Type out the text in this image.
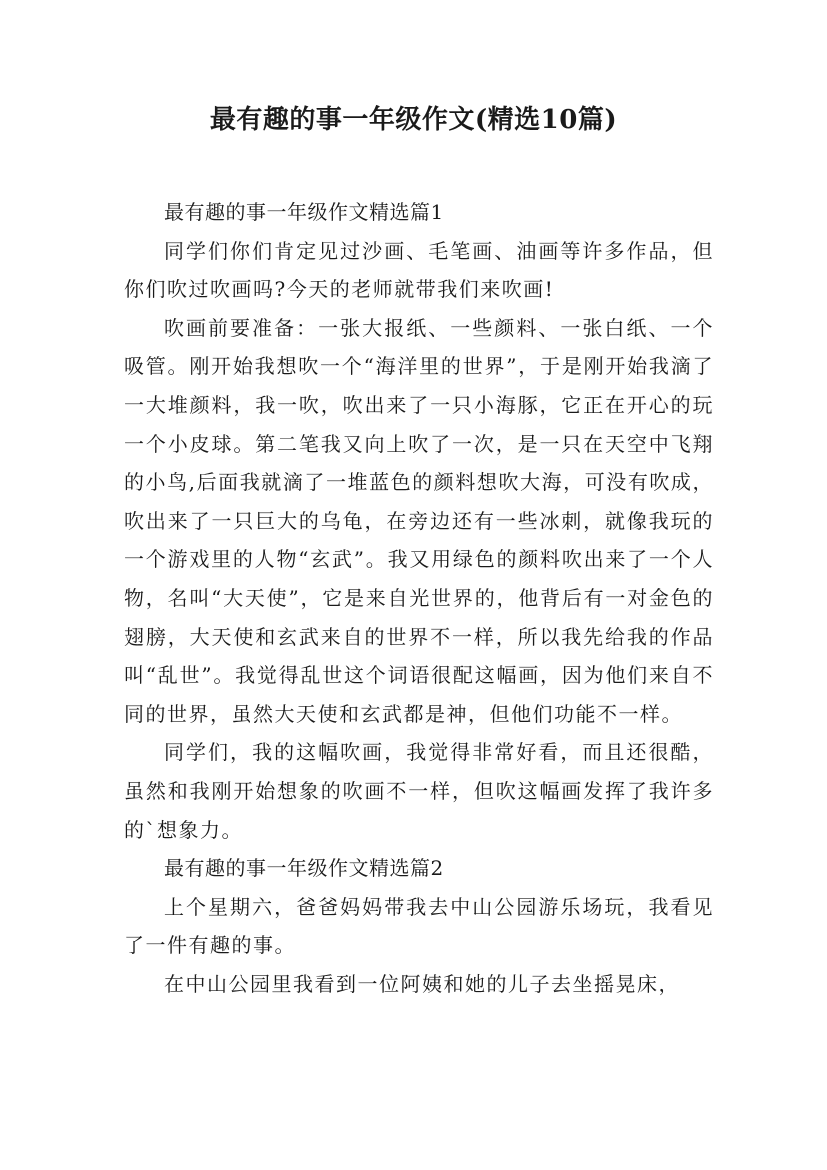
最有趣的事一年级作文(精选10篇)

最有趣的事一年级作文精选篇1

同学们你们肯定见过沙画、毛笔画、油画等许多作品，但你们吹过吹画吗?今天的老师就带我们来吹画!

吹画前要准备：一张大报纸、一些颜料、一张白纸、一个吸管。刚开始我想吹一个“海洋里的世界”，于是刚开始我滴了一大堆颜料，我一吹，吹出来了一只小海豚，它正在开心的玩一个小皮球。第二笔我又向上吹了一次，是一只在天空中飞翔的小鸟,后面我就滴了一堆蓝色的颜料想吹大海，可没有吹成，吹出来了一只巨大的乌龟，在旁边还有一些冰刺，就像我玩的一个游戏里的人物“玄武”。我又用绿色的颜料吹出来了一个人物，名叫“大天使”，它是来自光世界的，他背后有一对金色的翅膀，大天使和玄武来自的世界不一样，所以我先给我的作品叫“乱世”。我觉得乱世这个词语很配这幅画，因为他们来自不同的世界，虽然大天使和玄武都是神，但他们功能不一样。

同学们，我的这幅吹画，我觉得非常好看，而且还很酷，虽然和我刚开始想象的吹画不一样，但吹这幅画发挥了我许多的`想象力。

最有趣的事一年级作文精选篇2

上个星期六，爸爸妈妈带我去中山公园游乐场玩，我看见了一件有趣的事。

在中山公园里我看到一位阿姨和她的儿子去坐摇晃床，
